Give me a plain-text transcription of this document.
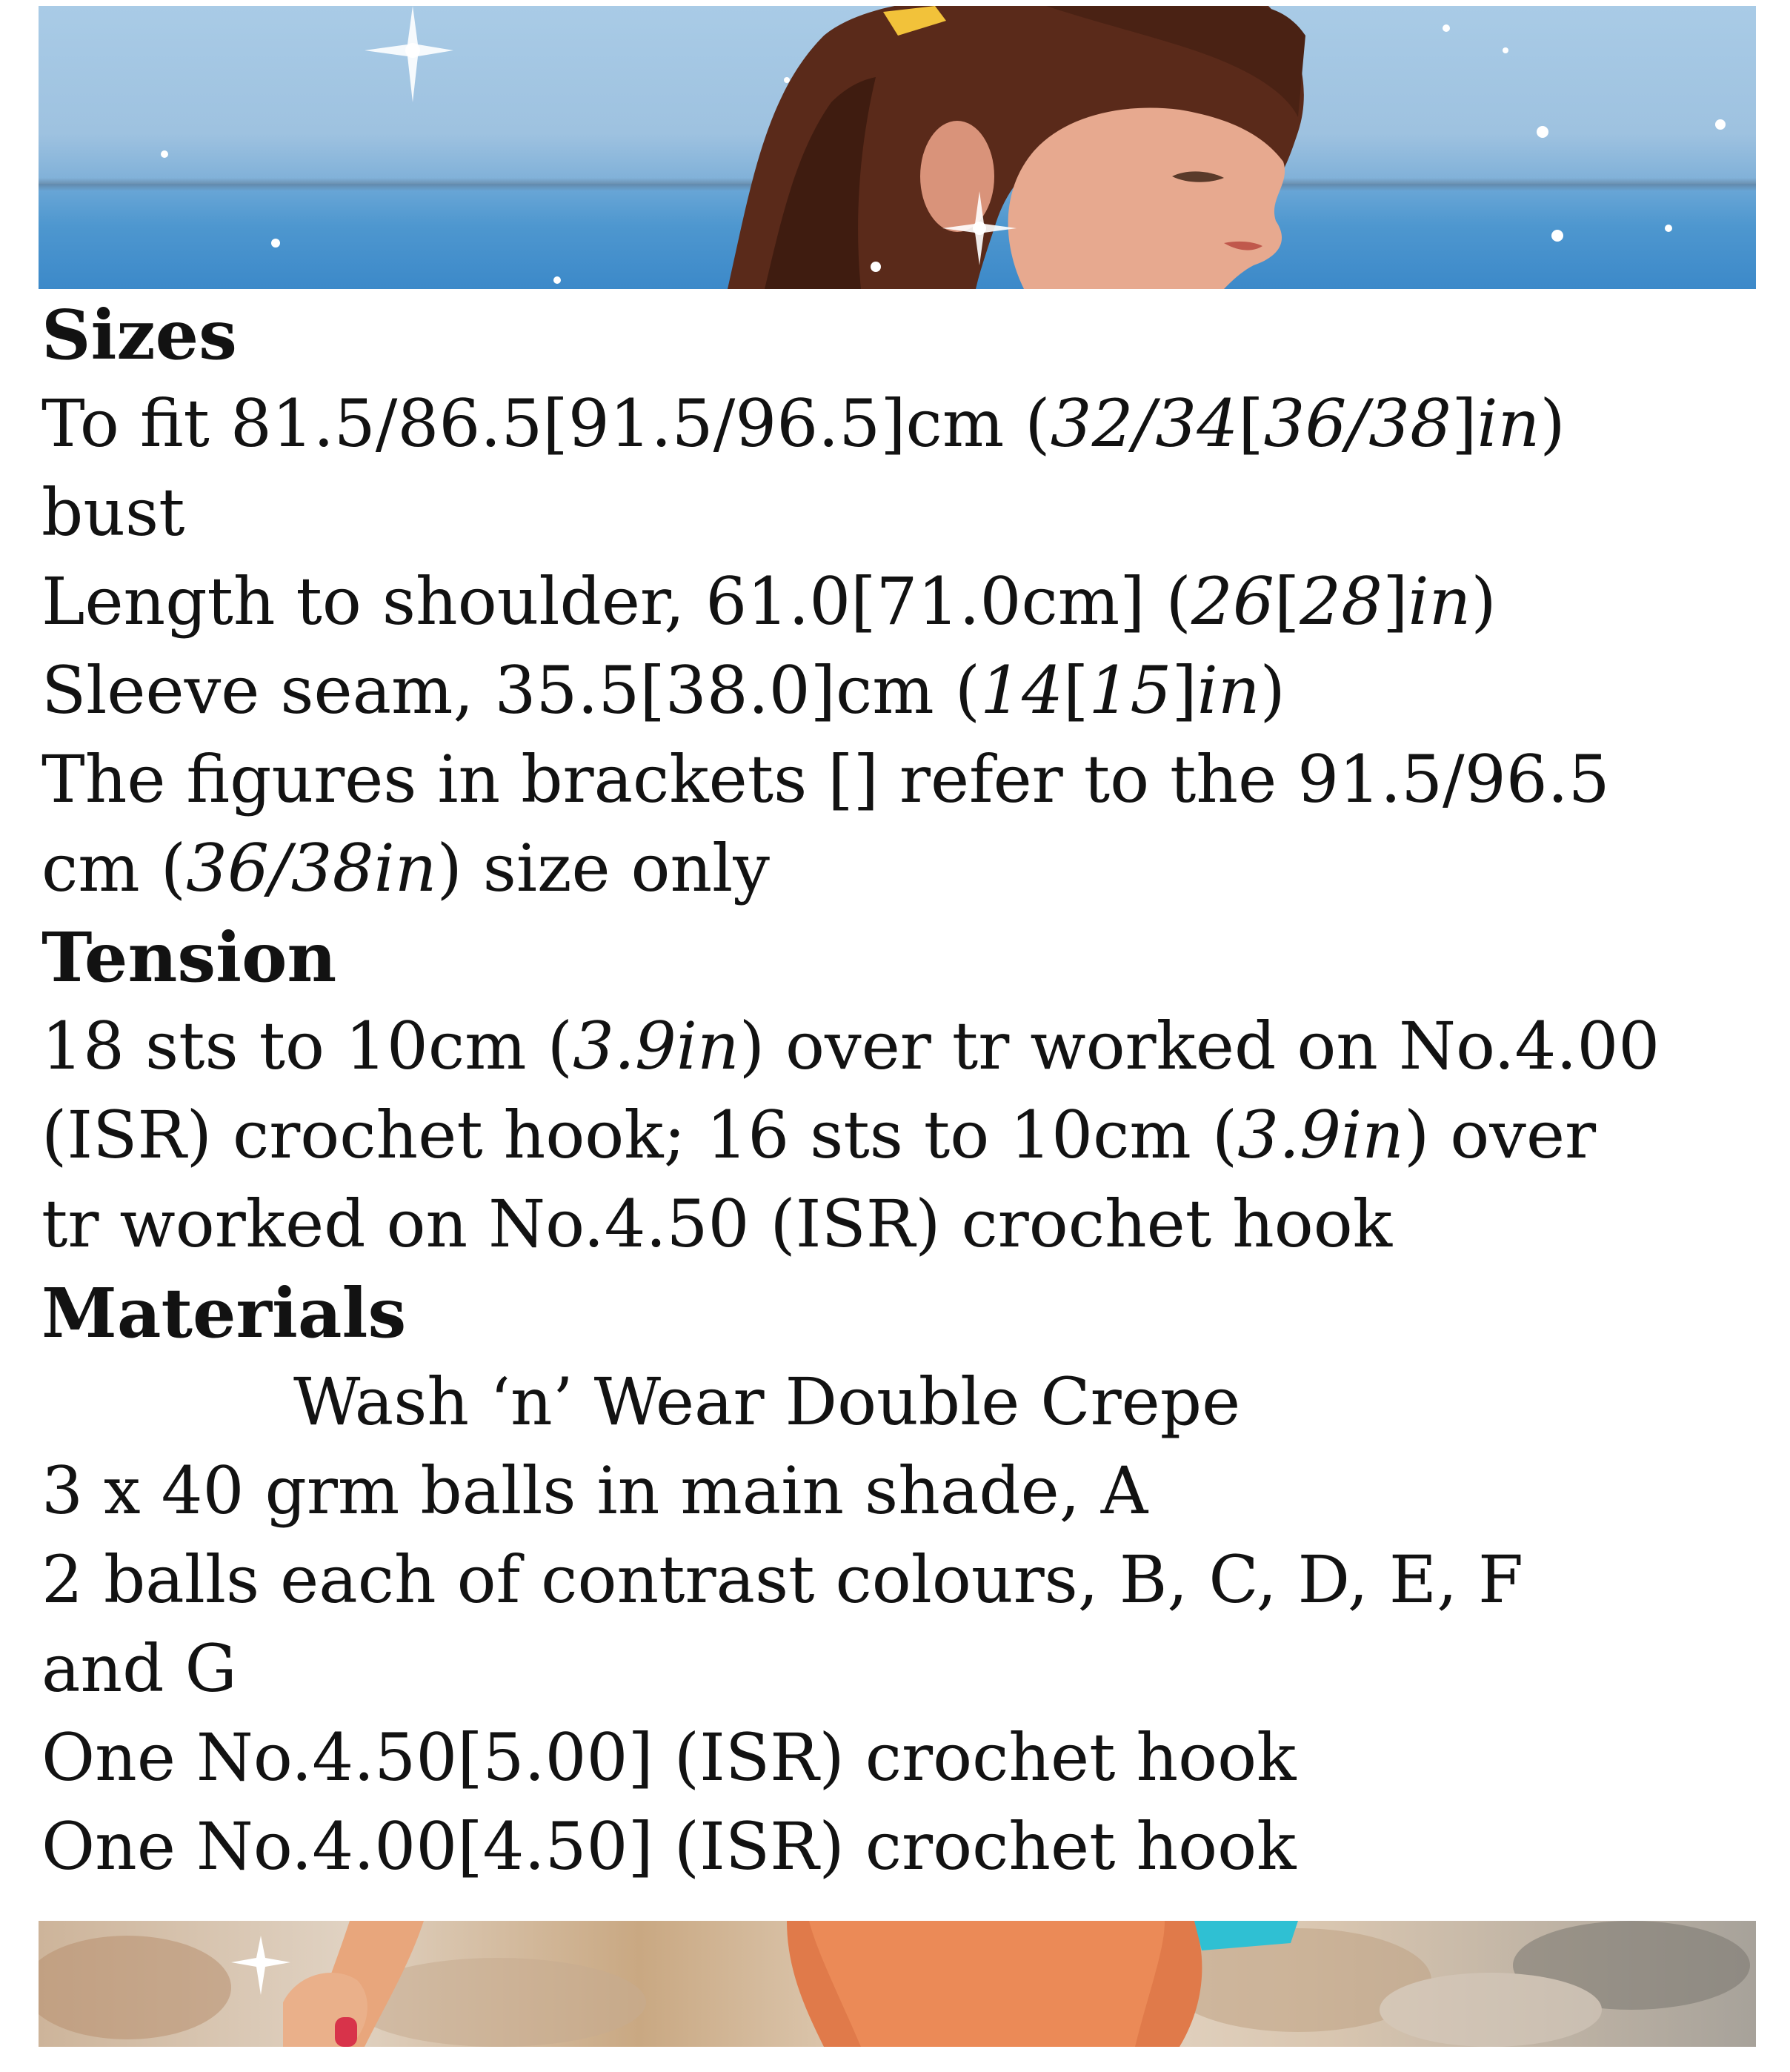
Sizes
To fit 81.5/86.5[91.5/96.5]cm (32/34[36/38]in)
bust
Length to shoulder, 61.0[71.0cm] (26[28]in)
Sleeve seam, 35.5[38.0]cm (14[15]in)
The figures in brackets [] refer to the 91.5/96.5
cm (36/38in) size only
Tension
18 sts to 10cm (3.9in) over tr worked on No.4.00
(ISR) crochet hook; 16 sts to 10cm (3.9in) over
tr worked on No.4.50 (ISR) crochet hook
Materials
Wash ‘n’ Wear Double Crepe
3 x 40 grm balls in main shade, A
2 balls each of contrast colours, B, C, D, E, F
and G
One No.4.50[5.00] (ISR) crochet hook
One No.4.00[4.50] (ISR) crochet hook
